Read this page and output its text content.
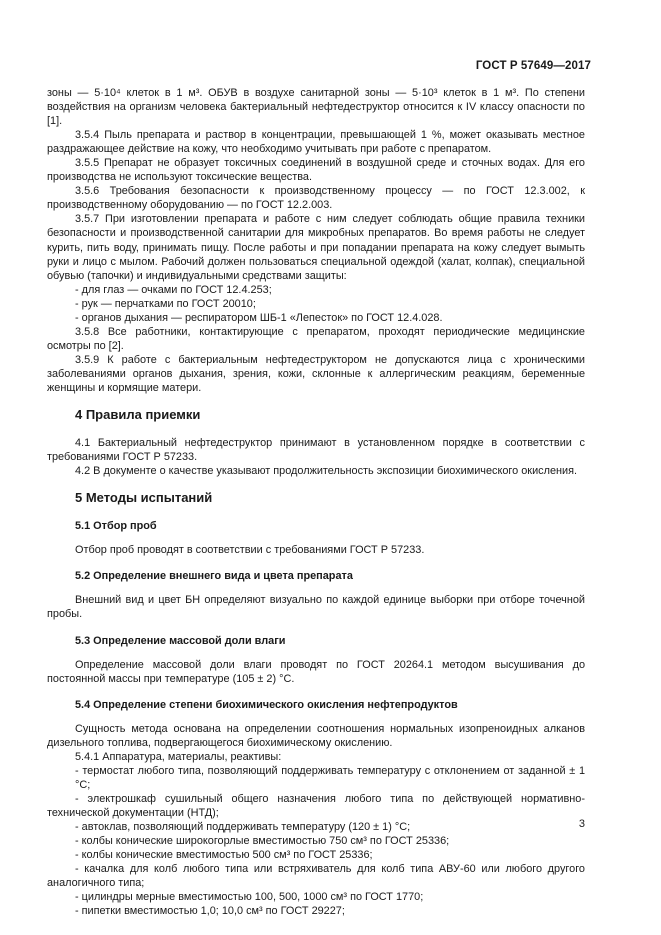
ГОСТ Р 57649—2017

зоны — 5·10⁴ клеток в 1 м³. ОБУВ в воздухе санитарной зоны — 5·10³ клеток в 1 м³. По степени воздействия на организм человека бактериальный нефтедеструктор относится к IV классу опасности по [1].

3.5.4 Пыль препарата и раствор в концентрации, превышающей 1 %, может оказывать местное раздражающее действие на кожу, что необходимо учитывать при работе с препаратом.

3.5.5 Препарат не образует токсичных соединений в воздушной среде и сточных водах. Для его производства не используют токсические вещества.

3.5.6 Требования безопасности к производственному процессу — по ГОСТ 12.3.002, к производственному оборудованию — по ГОСТ 12.2.003.

3.5.7 При изготовлении препарата и работе с ним следует соблюдать общие правила техники безопасности и производственной санитарии для микробных препаратов. Во время работы не следует курить, пить воду, принимать пищу. После работы и при попадании препарата на кожу следует вымыть руки и лицо с мылом. Рабочий должен пользоваться специальной одеждой (халат, колпак), специальной обувью (тапочки) и индивидуальными средствами защиты:

- для глаз — очками по ГОСТ 12.4.253;

- рук — перчатками по ГОСТ 20010;

- органов дыхания — респиратором ШБ-1 «Лепесток» по ГОСТ 12.4.028.

3.5.8 Все работники, контактирующие с препаратом, проходят периодические медицинские осмотры по [2].

3.5.9 К работе с бактериальным нефтедеструктором не допускаются лица с хроническими заболеваниями органов дыхания, зрения, кожи, склонные к аллергическим реакциям, беременные женщины и кормящие матери.

4 Правила приемки

4.1 Бактериальный нефтедеструктор принимают в установленном порядке в соответствии с требованиями ГОСТ Р 57233.

4.2 В документе о качестве указывают продолжительность экспозиции биохимического окисления.

5 Методы испытаний

5.1 Отбор проб

Отбор проб проводят в соответствии с требованиями ГОСТ Р 57233.

5.2 Определение внешнего вида и цвета препарата

Внешний вид и цвет БН определяют визуально по каждой единице выборки при отборе точечной пробы.

5.3 Определение массовой доли влаги

Определение массовой доли влаги проводят по ГОСТ 20264.1 методом высушивания до постоянной массы при температуре (105 ± 2) °С.

5.4 Определение степени биохимического окисления нефтепродуктов

Сущность метода основана на определении соотношения нормальных изопреноидных алканов дизельного топлива, подвергающегося биохимическому окислению.

5.4.1 Аппаратура, материалы, реактивы:

- термостат любого типа, позволяющий поддерживать температуру с отклонением от заданной ± 1 °С;

- электрошкаф сушильный общего назначения любого типа по действующей нормативно-технической документации (НТД);

- автоклав, позволяющий поддерживать температуру (120 ± 1) °С;

- колбы конические широкогорлые вместимостью 750 см³ по ГОСТ 25336;

- колбы конические вместимостью 500 см³ по ГОСТ 25336;

- качалка для колб любого типа или встряхиватель для колб типа АВУ-60 или любого другого аналогичного типа;

- цилиндры мерные вместимостью 100, 500, 1000 см³ по ГОСТ 1770;

- пипетки вместимостью 1,0; 10,0 см³ по ГОСТ 29227;

3
